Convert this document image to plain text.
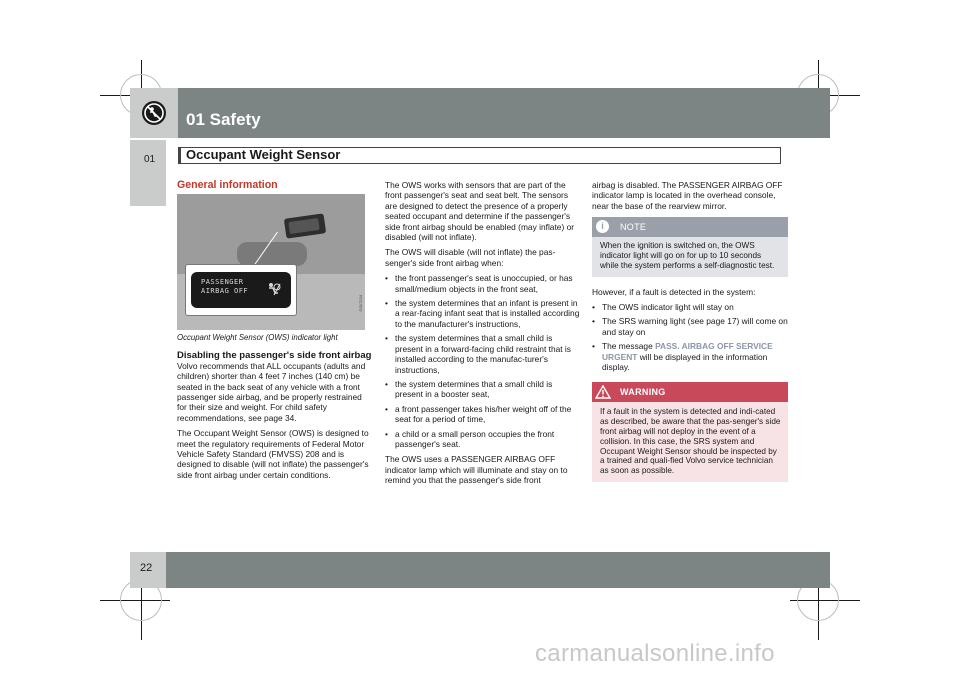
01 Safety
01 Occupant Weight Sensor
General information
PASSENGER
AIRBAG OFF
G017224
Occupant Weight Sensor (OWS) indicator light
Disabling the passenger's side front airbag

Volvo recommends that ALL occupants (adults and children) shorter than 4 feet 7 inches (140 cm) be seated in the back seat of any vehicle with a front passenger side airbag, and be properly restrained for their size and weight. For child safety recommendations, see page 34.

The Occupant Weight Sensor (OWS) is designed to meet the regulatory requirements of Federal Motor Vehicle Safety Standard (FMVSS) 208 and is designed to disable (will not inflate) the passenger's side front airbag under certain conditions.

The OWS works with sensors that are part of the front passenger's seat and seat belt. The sensors are designed to detect the presence of a properly seated occupant and determine if the passenger's side front airbag should be enabled (may inflate) or disabled (will not inflate).

The OWS will disable (will not inflate) the pas-senger's side front airbag when:

• the front passenger's seat is unoccupied, or has small/medium objects in the front seat,
• the system determines that an infant is present in a rear-facing infant seat that is installed according to the manufacturer's instructions,
• the system determines that a small child is present in a forward-facing child restraint that is installed according to the manufac-turer's instructions,
• the system determines that a small child is present in a booster seat,
• a front passenger takes his/her weight off of the seat for a period of time,
• a child or a small person occupies the front passenger's seat.

The OWS uses a PASSENGER AIRBAG OFF indicator lamp which will illuminate and stay on to remind you that the passenger's side front

airbag is disabled. The PASSENGER AIRBAG OFF indicator lamp is located in the overhead console, near the base of the rearview mirror.

i	NOTE
When the ignition is switched on, the OWS indicator light will go on for up to 10 seconds while the system performs a self-diagnostic test.

However, if a fault is detected in the system:

• The OWS indicator light will stay on
• The SRS warning light (see page 17) will come on and stay on
• The message PASS. AIRBAG OFF SERVICE URGENT will be displayed in the information display.
WARNING
If a fault in the system is detected and indi-cated as described, be aware that the pas-senger's side front airbag will not deploy in the event of a collision. In this case, the SRS system and Occupant Weight Sensor should be inspected by a trained and quali-fied Volvo service technician as soon as possible.
22
carmanualsonline.info
